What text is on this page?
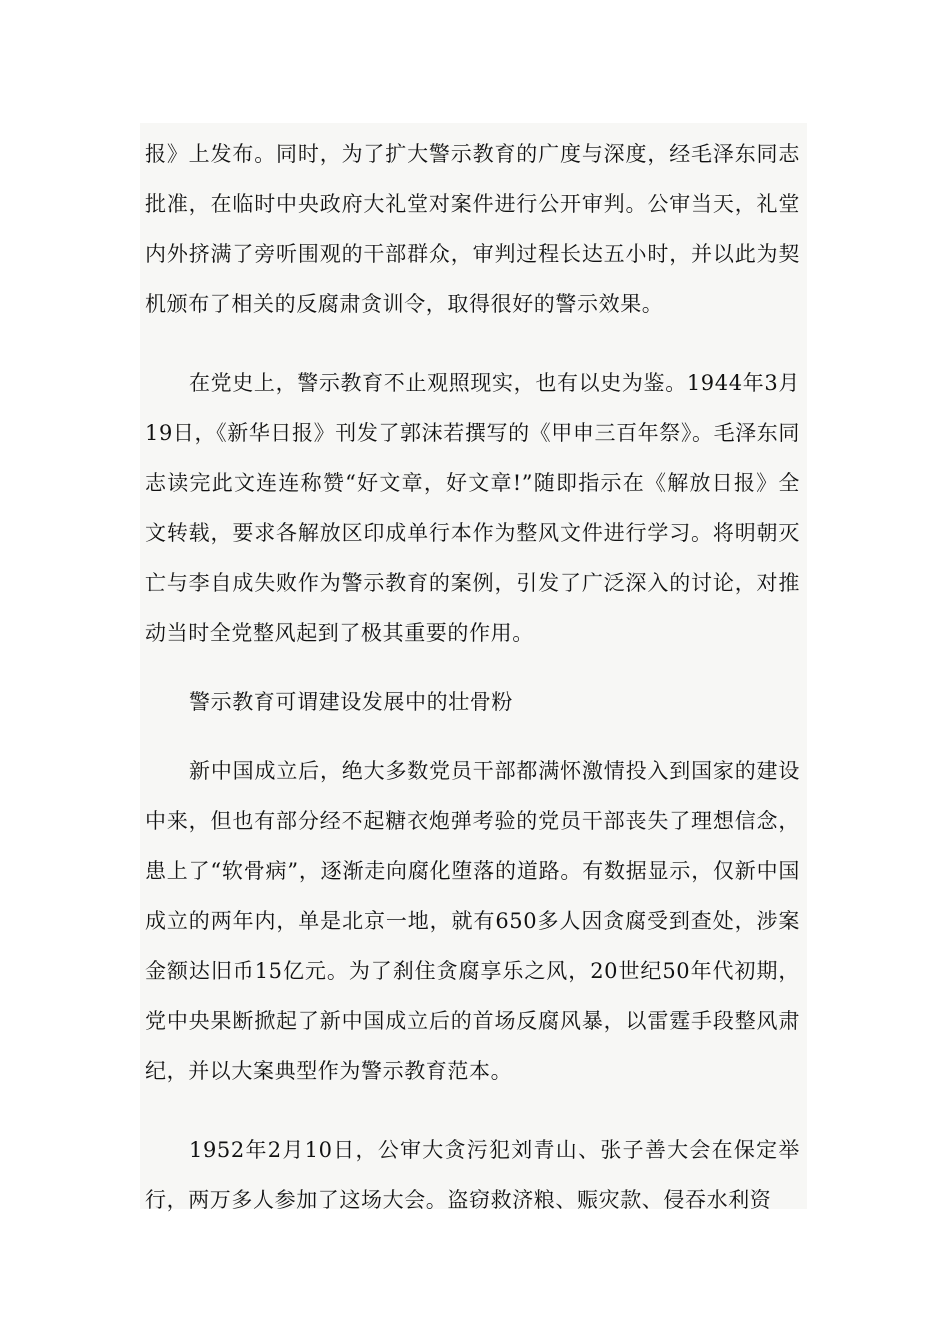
报》上发布。同时，为了扩大警示教育的广度与深度，经毛泽东同志批准，在临时中央政府大礼堂对案件进行公开审判。公审当天，礼堂内外挤满了旁听围观的干部群众，审判过程长达五小时，并以此为契机颁布了相关的反腐肃贪训令，取得很好的警示效果。

在党史上，警示教育不止观照现实，也有以史为鉴。1944年3月19日，《新华日报》刊发了郭沫若撰写的《甲申三百年祭》。毛泽东同志读完此文连连称赞“好文章，好文章!”随即指示在《解放日报》全文转载，要求各解放区印成单行本作为整风文件进行学习。将明朝灭亡与李自成失败作为警示教育的案例，引发了广泛深入的讨论，对推动当时全党整风起到了极其重要的作用。

警示教育可谓建设发展中的壮骨粉

新中国成立后，绝大多数党员干部都满怀激情投入到国家的建设中来，但也有部分经不起糖衣炮弹考验的党员干部丧失了理想信念，患上了“软骨病”，逐渐走向腐化堕落的道路。有数据显示，仅新中国成立的两年内，单是北京一地，就有650多人因贪腐受到查处，涉案金额达旧币15亿元。为了刹住贪腐享乐之风，20世纪50年代初期，党中央果断掀起了新中国成立后的首场反腐风暴，以雷霆手段整风肃纪，并以大案典型作为警示教育范本。

1952年2月10日，公审大贪污犯刘青山、张子善大会在保定举行，两万多人参加了这场大会。盗窃救济粮、赈灾款、侵吞水利资
